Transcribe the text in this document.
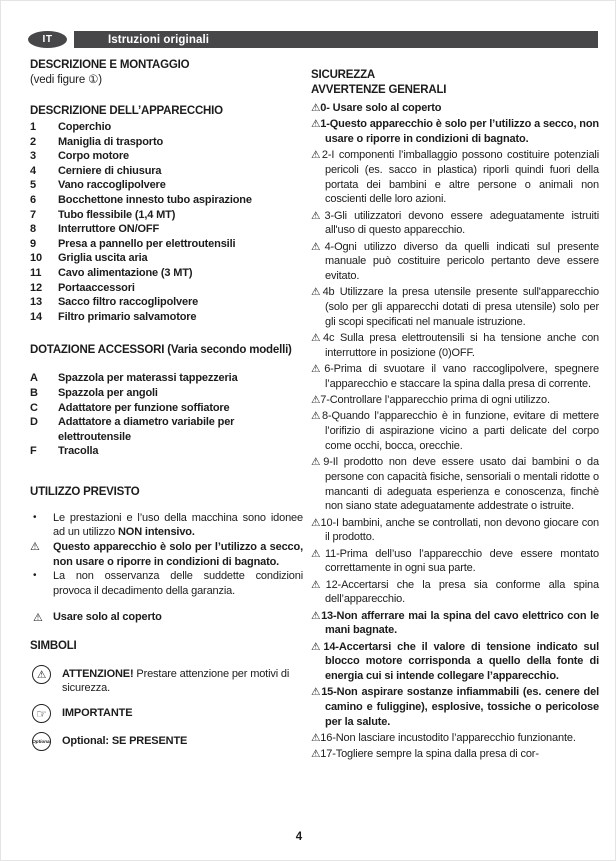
IT	Istruzioni originali
DESCRIZIONE E MONTAGGIO

(vedi figure ①)

DESCRIZIONE DELL’APPARECCHIO

1	Coperchio

2	Maniglia di trasporto

3	Corpo motore

4	Cerniere di chiusura

5	Vano raccoglipolvere

6	Bocchettone innesto tubo aspirazione

7	Tubo flessibile (1,4 MT)

8	Interruttore ON/OFF

9	Presa a pannello per elettroutensili

10	Griglia uscita aria

11	Cavo alimentazione (3 MT)

12	Portaaccessori

13	Sacco filtro raccoglipolvere

14	Filtro primario salvamotore

DOTAZIONE ACCESSORI (Varia secondo modelli)

A	Spazzola per materassi tappezzeria

B	Spazzola per angoli

C	Adattatore per funzione soffiatore

D	Adattatore a diametro variabile per elettroutensile

F	Tracolla

UTILIZZO PREVISTO

•	Le prestazioni e l’uso della macchina sono idonee ad un utilizzo NON intensivo.

⚠	Questo apparecchio è solo per l’utilizzo a secco, non usare o riporre in condizioni di bagnato.

•	La non osservanza delle suddette condizioni provoca il decadimento della garanzia.

⚠ Usare solo al coperto

SIMBOLI
⚠	ATTENZIONE! Prestare attenzione per motivi di sicurezza.
☞	IMPORTANTE
Optional Optional: SE PRESENTE
SICUREZZA
AVVERTENZE GENERALI

⚠0- Usare solo al coperto

⚠1-Questo apparecchio è solo per l’utilizzo a secco, non usare o riporre in condizioni di bagnato.

⚠2-I componenti l’imballaggio possono costituire potenziali pericoli (es. sacco in plastica) riporli quindi fuori della portata dei bambini e altre persone o animali non coscienti delle loro azioni.

⚠3-Gli utilizzatori devono essere adeguatamente istruiti all'uso di questo apparecchio.

⚠4-Ogni utilizzo diverso da quelli indicati sul presente manuale può costituire pericolo pertanto deve essere evitato.

⚠4b Utilizzare la presa utensile presente sull'apparecchio (solo per gli apparecchi dotati di presa utensile) solo per gli scopi specificati nel manuale istruzione.

⚠4c Sulla presa elettroutensili si ha tensione anche con interruttore in posizione (0)OFF.

⚠6-Prima di svuotare il vano raccoglipolvere, spegnere l’apparecchio e staccare la spina dalla presa di corrente.

⚠7-Controllare l’apparecchio prima di ogni utilizzo.

⚠8-Quando l’apparecchio è in funzione, evitare di mettere l’orifizio di aspirazione vicino a parti delicate del corpo come occhi, bocca, orecchie.

⚠9-Il prodotto non deve essere usato dai bambini o da persone con capacità fisiche, sensoriali o mentali ridotte o mancanti di adeguata esperienza e conoscenza, finchè non siano state adeguatamente addestrate o istruite.

⚠10-I bambini, anche se controllati, non devono giocare con il prodotto.

⚠11-Prima dell’uso l’apparecchio deve essere montato correttamente in ogni sua parte.

⚠12-Accertarsi che la presa sia conforme alla spina dell’apparecchio.

⚠13-Non afferrare mai la spina del cavo elettrico con le mani bagnate.

⚠14-Accertarsi che il valore di tensione indicato sul blocco motore corrisponda a quello della fonte di energia cui si intende collegare l’apparecchio.

⚠15-Non aspirare sostanze infiammabili (es. cenere del camino e fuliggine), esplosive, tossiche o pericolose per la salute.

⚠16-Non lasciare incustodito l’apparecchio funzionante.

⚠17-Togliere sempre la spina dalla presa di cor-

4
